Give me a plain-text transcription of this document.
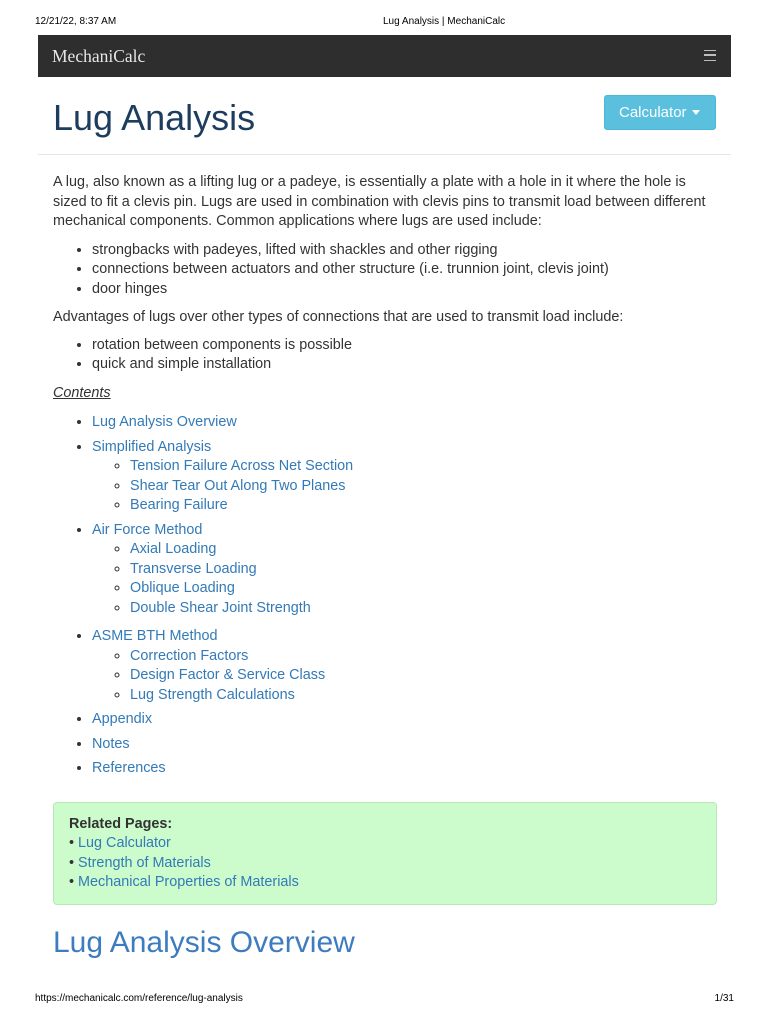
12/21/22, 8:37 AM	Lug Analysis | MechaniCalc
MechaniCalc
Lug Analysis	Calculator

A lug, also known as a lifting lug or a padeye, is essentially a plate with a hole in it where the hole is sized to fit a clevis pin. Lugs are used in combination with clevis pins to transmit load between different mechanical components. Common applications where lugs are used include:

• strongbacks with padeyes, lifted with shackles and other rigging
• connections between actuators and other structure (i.e. trunnion joint, clevis joint)
• door hinges

Advantages of lugs over other types of connections that are used to transmit load include:

• rotation between components is possible
• quick and simple installation

Contents

• Lug Analysis Overview
• Simplified Analysis
◦ Tension Failure Across Net Section
◦ Shear Tear Out Along Two Planes
◦ Bearing Failure
• Air Force Method
◦ Axial Loading
◦ Transverse Loading
◦ Oblique Loading
◦ Double Shear Joint Strength
• ASME BTH Method
◦ Correction Factors
◦ Design Factor & Service Class
◦ Lug Strength Calculations
• Appendix
• Notes
• References
Related Pages:
• Lug Calculator
• Strength of Materials
• Mechanical Properties of Materials
Lug Analysis Overview
https://mechanicalc.com/reference/lug-analysis	1/31
